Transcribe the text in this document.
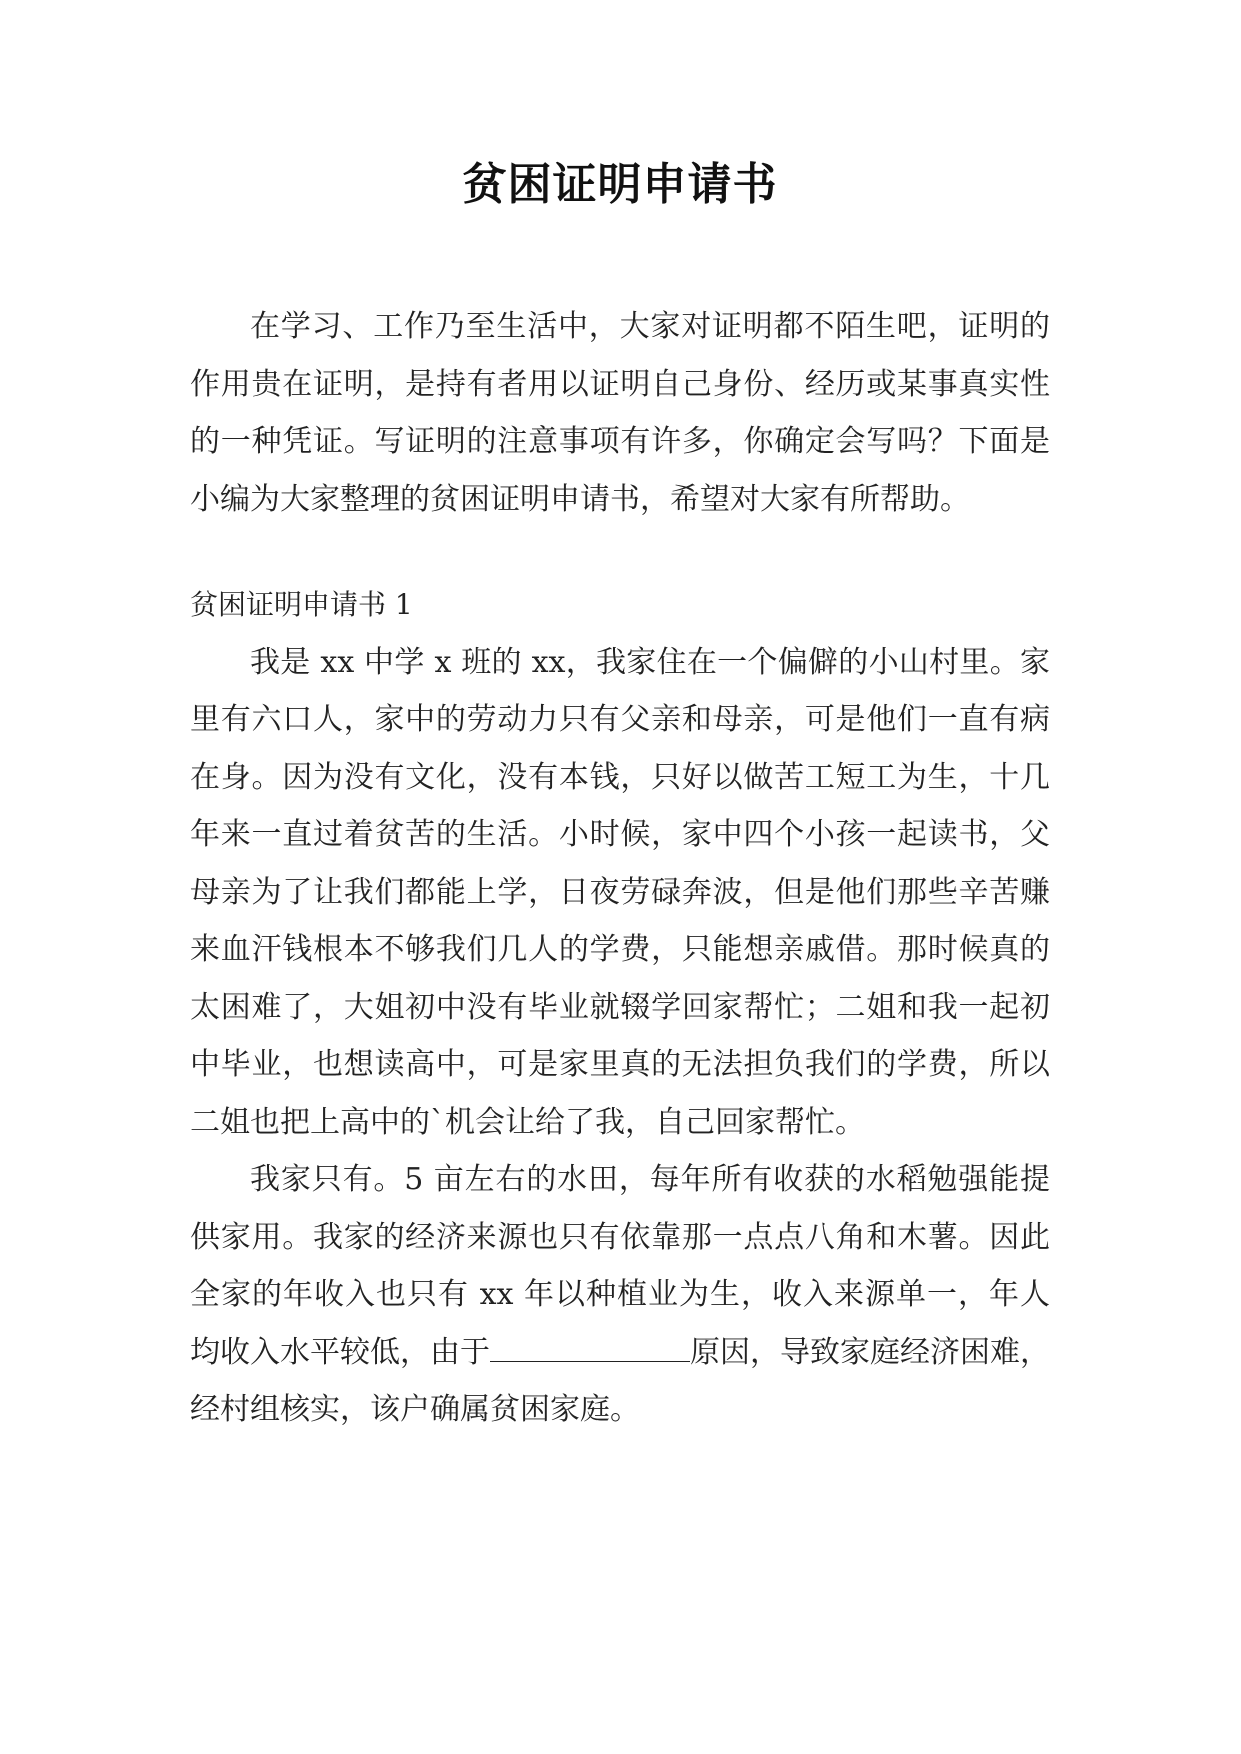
贫困证明申请书

在学习、工作乃至生活中，大家对证明都不陌生吧，证明的作用贵在证明，是持有者用以证明自己身份、经历或某事真实性的一种凭证。写证明的注意事项有许多，你确定会写吗？下面是小编为大家整理的贫困证明申请书，希望对大家有所帮助。

贫困证明申请书 1

我是 xx 中学 x 班的 xx，我家住在一个偏僻的小山村里。家里有六口人，家中的劳动力只有父亲和母亲，可是他们一直有病在身。因为没有文化，没有本钱，只好以做苦工短工为生，十几年来一直过着贫苦的生活。小时候，家中四个小孩一起读书，父母亲为了让我们都能上学，日夜劳碌奔波，但是他们那些辛苦赚来血汗钱根本不够我们几人的学费，只能想亲戚借。那时候真的太困难了，大姐初中没有毕业就辍学回家帮忙；二姐和我一起初中毕业，也想读高中，可是家里真的无法担负我们的学费，所以二姐也把上高中的`机会让给了我，自己回家帮忙。

我家只有。5 亩左右的水田，每年所有收获的水稻勉强能提供家用。我家的经济来源也只有依靠那一点点八角和木薯。因此全家的年收入也只有 xx 年以种植业为生，收入来源单一，年人均收入水平较低，由于	原因，导致家庭经济困难，经村组核实，该户确属贫困家庭。
